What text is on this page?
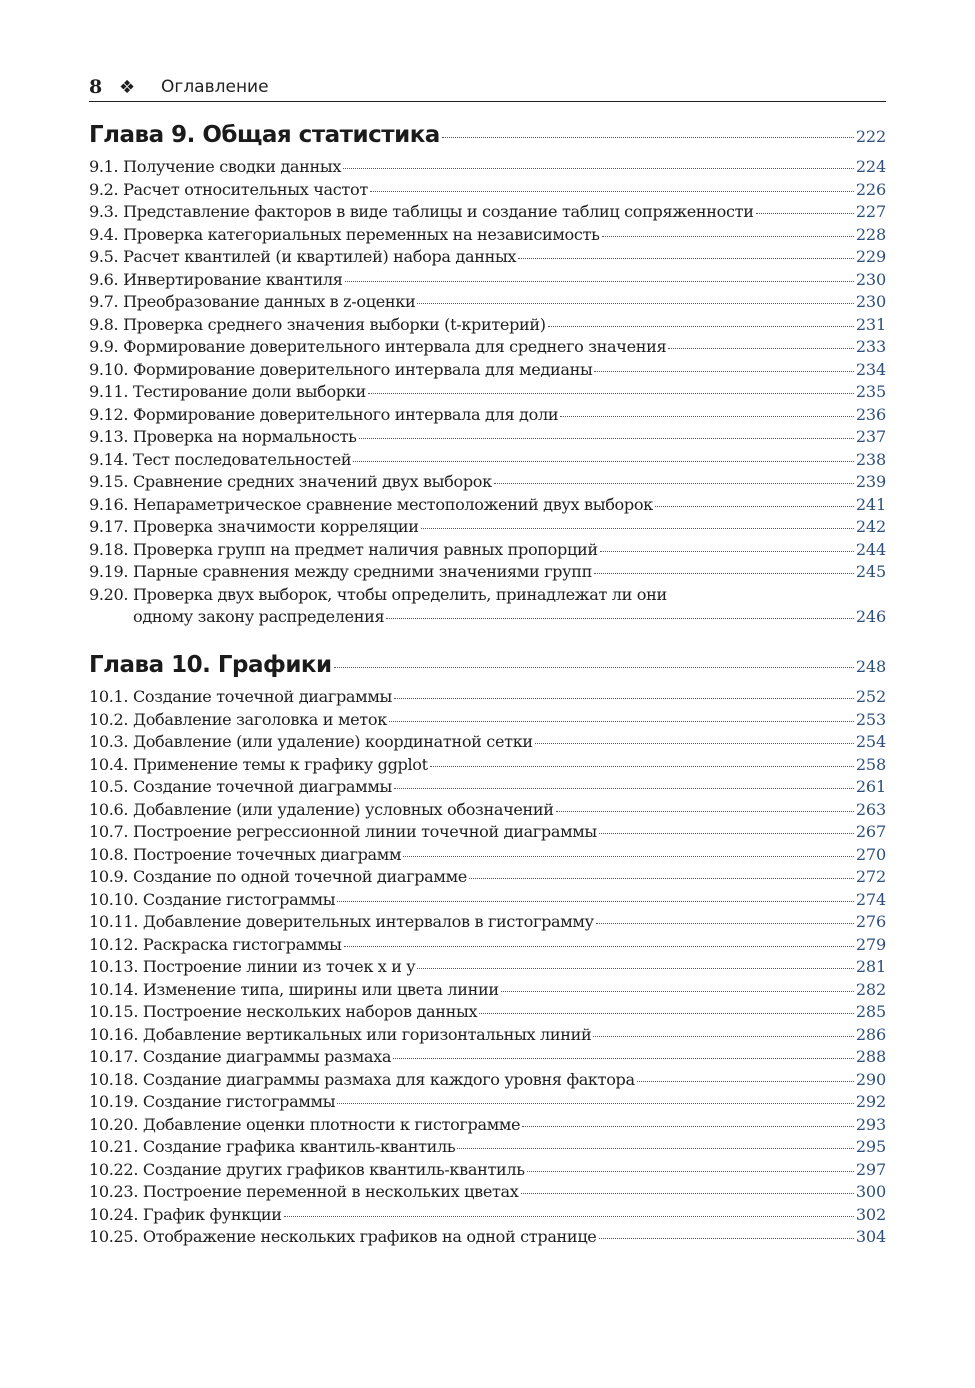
8 ❖	Оглавление
Глава 9. Общая статистика	222
9.1. Получение сводки данных	224
9.2. Расчет относительных частот	226
9.3. Представление факторов в виде таблицы и создание таблиц сопряженности	227
9.4. Проверка категориальных переменных на независимость	228
9.5. Расчет квантилей (и квартилей) набора данных	229
9.6. Инвертирование квантиля	230
9.7. Преобразование данных в z-оценки	230
9.8. Проверка среднего значения выборки (t-критерий)	231
9.9. Формирование доверительного интервала для среднего значения	233
9.10. Формирование доверительного интервала для медианы	234
9.11. Тестирование доли выборки	235
9.12. Формирование доверительного интервала для доли	236
9.13. Проверка на нормальность	237
9.14. Тест последовательностей	238
9.15. Сравнение средних значений двух выборок	239
9.16. Непараметрическое сравнение местоположений двух выборок	241
9.17. Проверка значимости корреляции	242
9.18. Проверка групп на предмет наличия равных пропорций	244
9.19. Парные сравнения между средними значениями групп	245
9.20. Проверка двух выборок, чтобы определить, принадлежат ли они
одному закону распределения	246
Глава 10. Графики	248
10.1. Создание точечной диаграммы	252
10.2. Добавление заголовка и меток	253
10.3. Добавление (или удаление) координатной сетки	254
10.4. Применение темы к графику ggplot	258
10.5. Создание точечной диаграммы	261
10.6. Добавление (или удаление) условных обозначений	263
10.7. Построение регрессионной линии точечной диаграммы	267
10.8. Построение точечных диаграмм	270
10.9. Создание по одной точечной диаграмме	272
10.10. Создание гистограммы	274
10.11. Добавление доверительных интервалов в гистограмму	276
10.12. Раскраска гистограммы	279
10.13. Построение линии из точек x и y	281
10.14. Изменение типа, ширины или цвета линии	282
10.15. Построение нескольких наборов данных	285
10.16. Добавление вертикальных или горизонтальных линий	286
10.17. Создание диаграммы размаха	288
10.18. Создание диаграммы размаха для каждого уровня фактора	290
10.19. Создание гистограммы	292
10.20. Добавление оценки плотности к гистограмме	293
10.21. Создание графика квантиль-квантиль	295
10.22. Создание других графиков квантиль-квантиль	297
10.23. Построение переменной в нескольких цветах	300
10.24. График функции	302
10.25. Отображение нескольких графиков на одной странице	304
